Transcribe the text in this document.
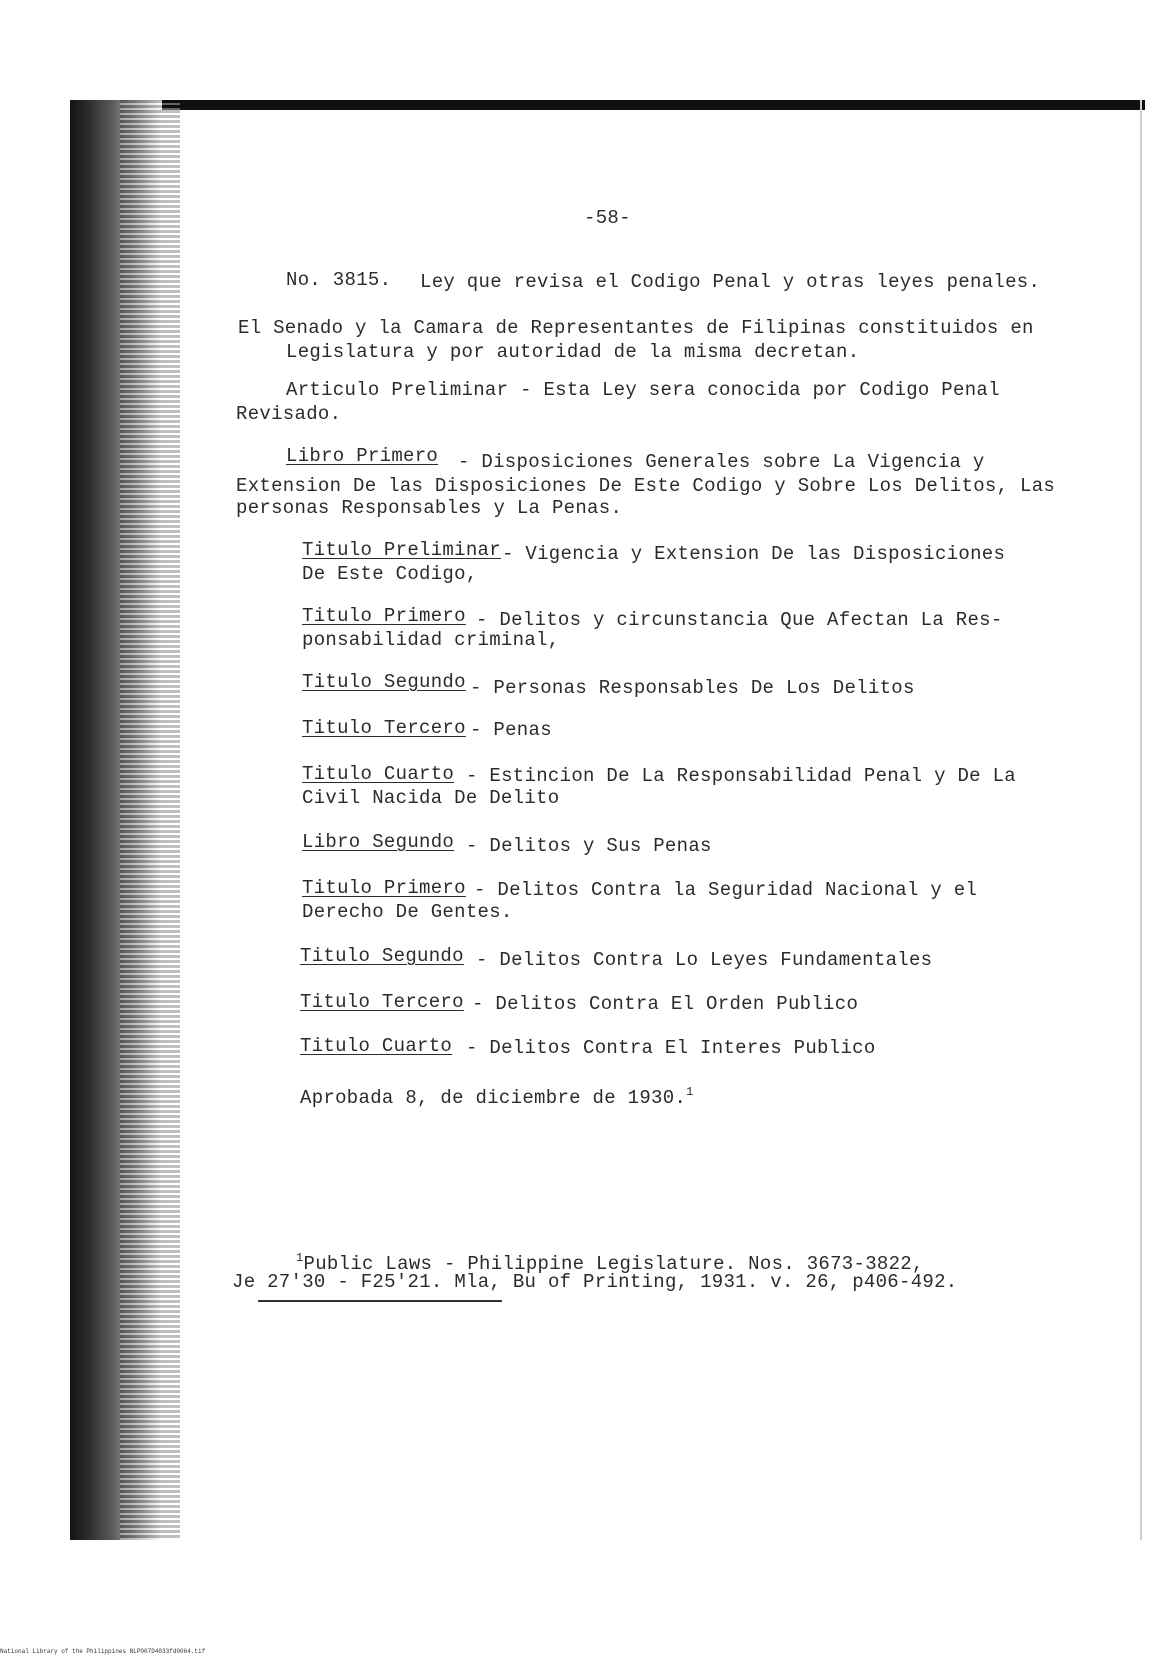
-58-
No. 3815. Ley que revisa el Codigo Penal y otras leyes penales.
El Senado y la Camara de Representantes de Filipinas constituidos en
Legislatura y por autoridad de la misma decretan.
Articulo Preliminar - Esta Ley sera conocida por Codigo Penal
Revisado.
Libro Primero - Disposiciones Generales sobre La Vigencia y
Extension De las Disposiciones De Este Codigo y Sobre Los Delitos, Las
personas Responsables y La Penas.
Titulo Preliminar - Vigencia y Extension De las Disposiciones
De Este Codigo,
Titulo Primero - Delitos y circunstancia Que Afectan La Res-
ponsabilidad criminal,
Titulo Segundo - Personas Responsables De Los Delitos
Titulo Tercero - Penas
Titulo Cuarto - Estincion De La Responsabilidad Penal y De La
Civil Nacida De Delito
Libro Segundo - Delitos y Sus Penas
Titulo Primero - Delitos Contra la Seguridad Nacional y el
Derecho De Gentes.
Titulo Segundo - Delitos Contra Lo Leyes Fundamentales
Titulo Tercero - Delitos Contra El Orden Publico
Titulo Cuarto - Delitos Contra El Interes Publico
Aprobada 8, de diciembre de 1930.$^1$
$^1$Public Laws - Philippine Legislature. Nos. 3673-3822,
Je 27'30 - F25'21. Mla, Bu of Printing, 1931. v. 26, p406-492.
National Library of the Philippines NLP007D4033fd0064.tif
